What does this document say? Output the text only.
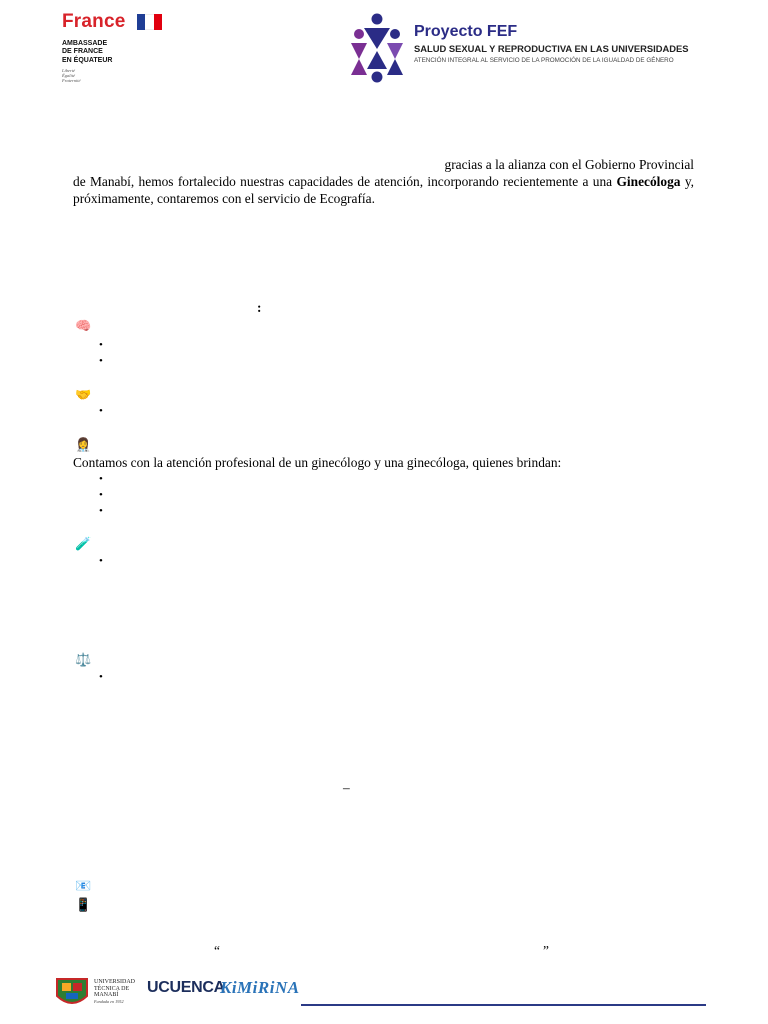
France
AMBASSADE
DE FRANCE
EN ÉQUATEUR
Liberté
Égalité
Fraternité
Proyecto FEF
SALUD SEXUAL Y REPRODUCTIVA EN LAS UNIVERSIDADES
ATENCIÓN INTEGRAL AL SERVICIO DE LA PROMOCIÓN DE LA IGUALDAD DE GÉNERO
gracias a la alianza con el Gobierno Provincial
de Manabí, hemos fortalecido nuestras capacidades de atención, incorporando recientemente a una Ginecóloga y, próximamente, contaremos con el servicio de Ecografía.
:
🧠
•
•
🤝
•
👩‍⚕️
Contamos con la atención profesional de un ginecólogo y una ginecóloga, quienes brindan:
•
•
•
🧪
•
⚖️
•
–
📧
📱
“	”
UNIVERSIDAD
TÉCNICA DE
MANABÍ
Fundada en 1952
UCUENCA
KiMiRiNA
